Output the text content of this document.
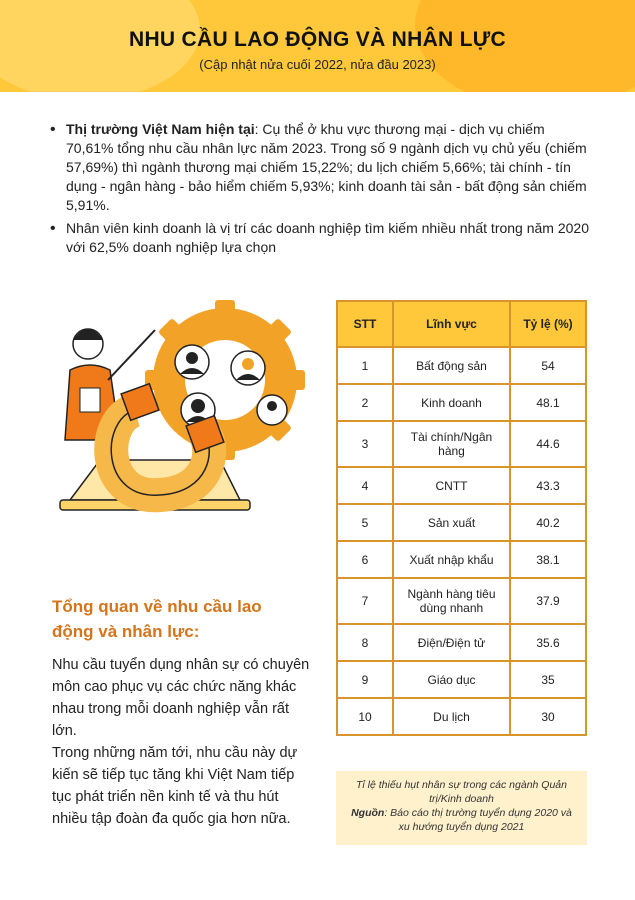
NHU CẦU LAO ĐỘNG VÀ NHÂN LỰC
(Cập nhật nửa cuối 2022, nửa đầu 2023)
• Thị trường Việt Nam hiện tại: Cụ thể ở khu vực thương mại - dịch vụ chiếm 70,61% tổng nhu cầu nhân lực năm 2023. Trong số 9 ngành dịch vụ chủ yếu (chiếm 57,69%) thì ngành thương mại chiếm 15,22%; du lịch chiếm 5,66%; tài chính - tín dụng - ngân hàng - bảo hiểm chiếm 5,93%; kinh doanh tài sản - bất động sản chiếm 5,91%.
• Nhân viên kinh doanh là vị trí các doanh nghiệp tìm kiếm nhiều nhất trong năm 2020 với 62,5% doanh nghiệp lựa chọn
Tổng quan về nhu cầu lao động và nhân lực:

Nhu cầu tuyển dụng nhân sự có chuyên môn cao phục vụ các chức năng khác nhau trong mỗi doanh nghiệp vẫn rất lớn.

Trong những năm tới, nhu cầu này dự kiến sẽ tiếp tục tăng khi Việt Nam tiếp tục phát triển nền kinh tế và thu hút nhiều tập đoàn đa quốc gia hơn nữa.

STT	Lĩnh vực	Tỷ lệ (%)
1	Bất động sản	54
2	Kinh doanh	48.1
3	Tài chính/Ngân hàng	44.6
4	CNTT	43.3
5	Sản xuất	40.2
6	Xuất nhập khẩu	38.1
7	Ngành hàng tiêu dùng nhanh	37.9
8	Điện/Điện tử	35.6
9	Giáo dục	35
10	Du lịch	30
Tỉ lệ thiếu hụt nhân sự trong các ngành Quản trị/Kinh doanh
Nguồn: Báo cáo thị trường tuyển dụng 2020 và xu hướng tuyển dụng 2021
